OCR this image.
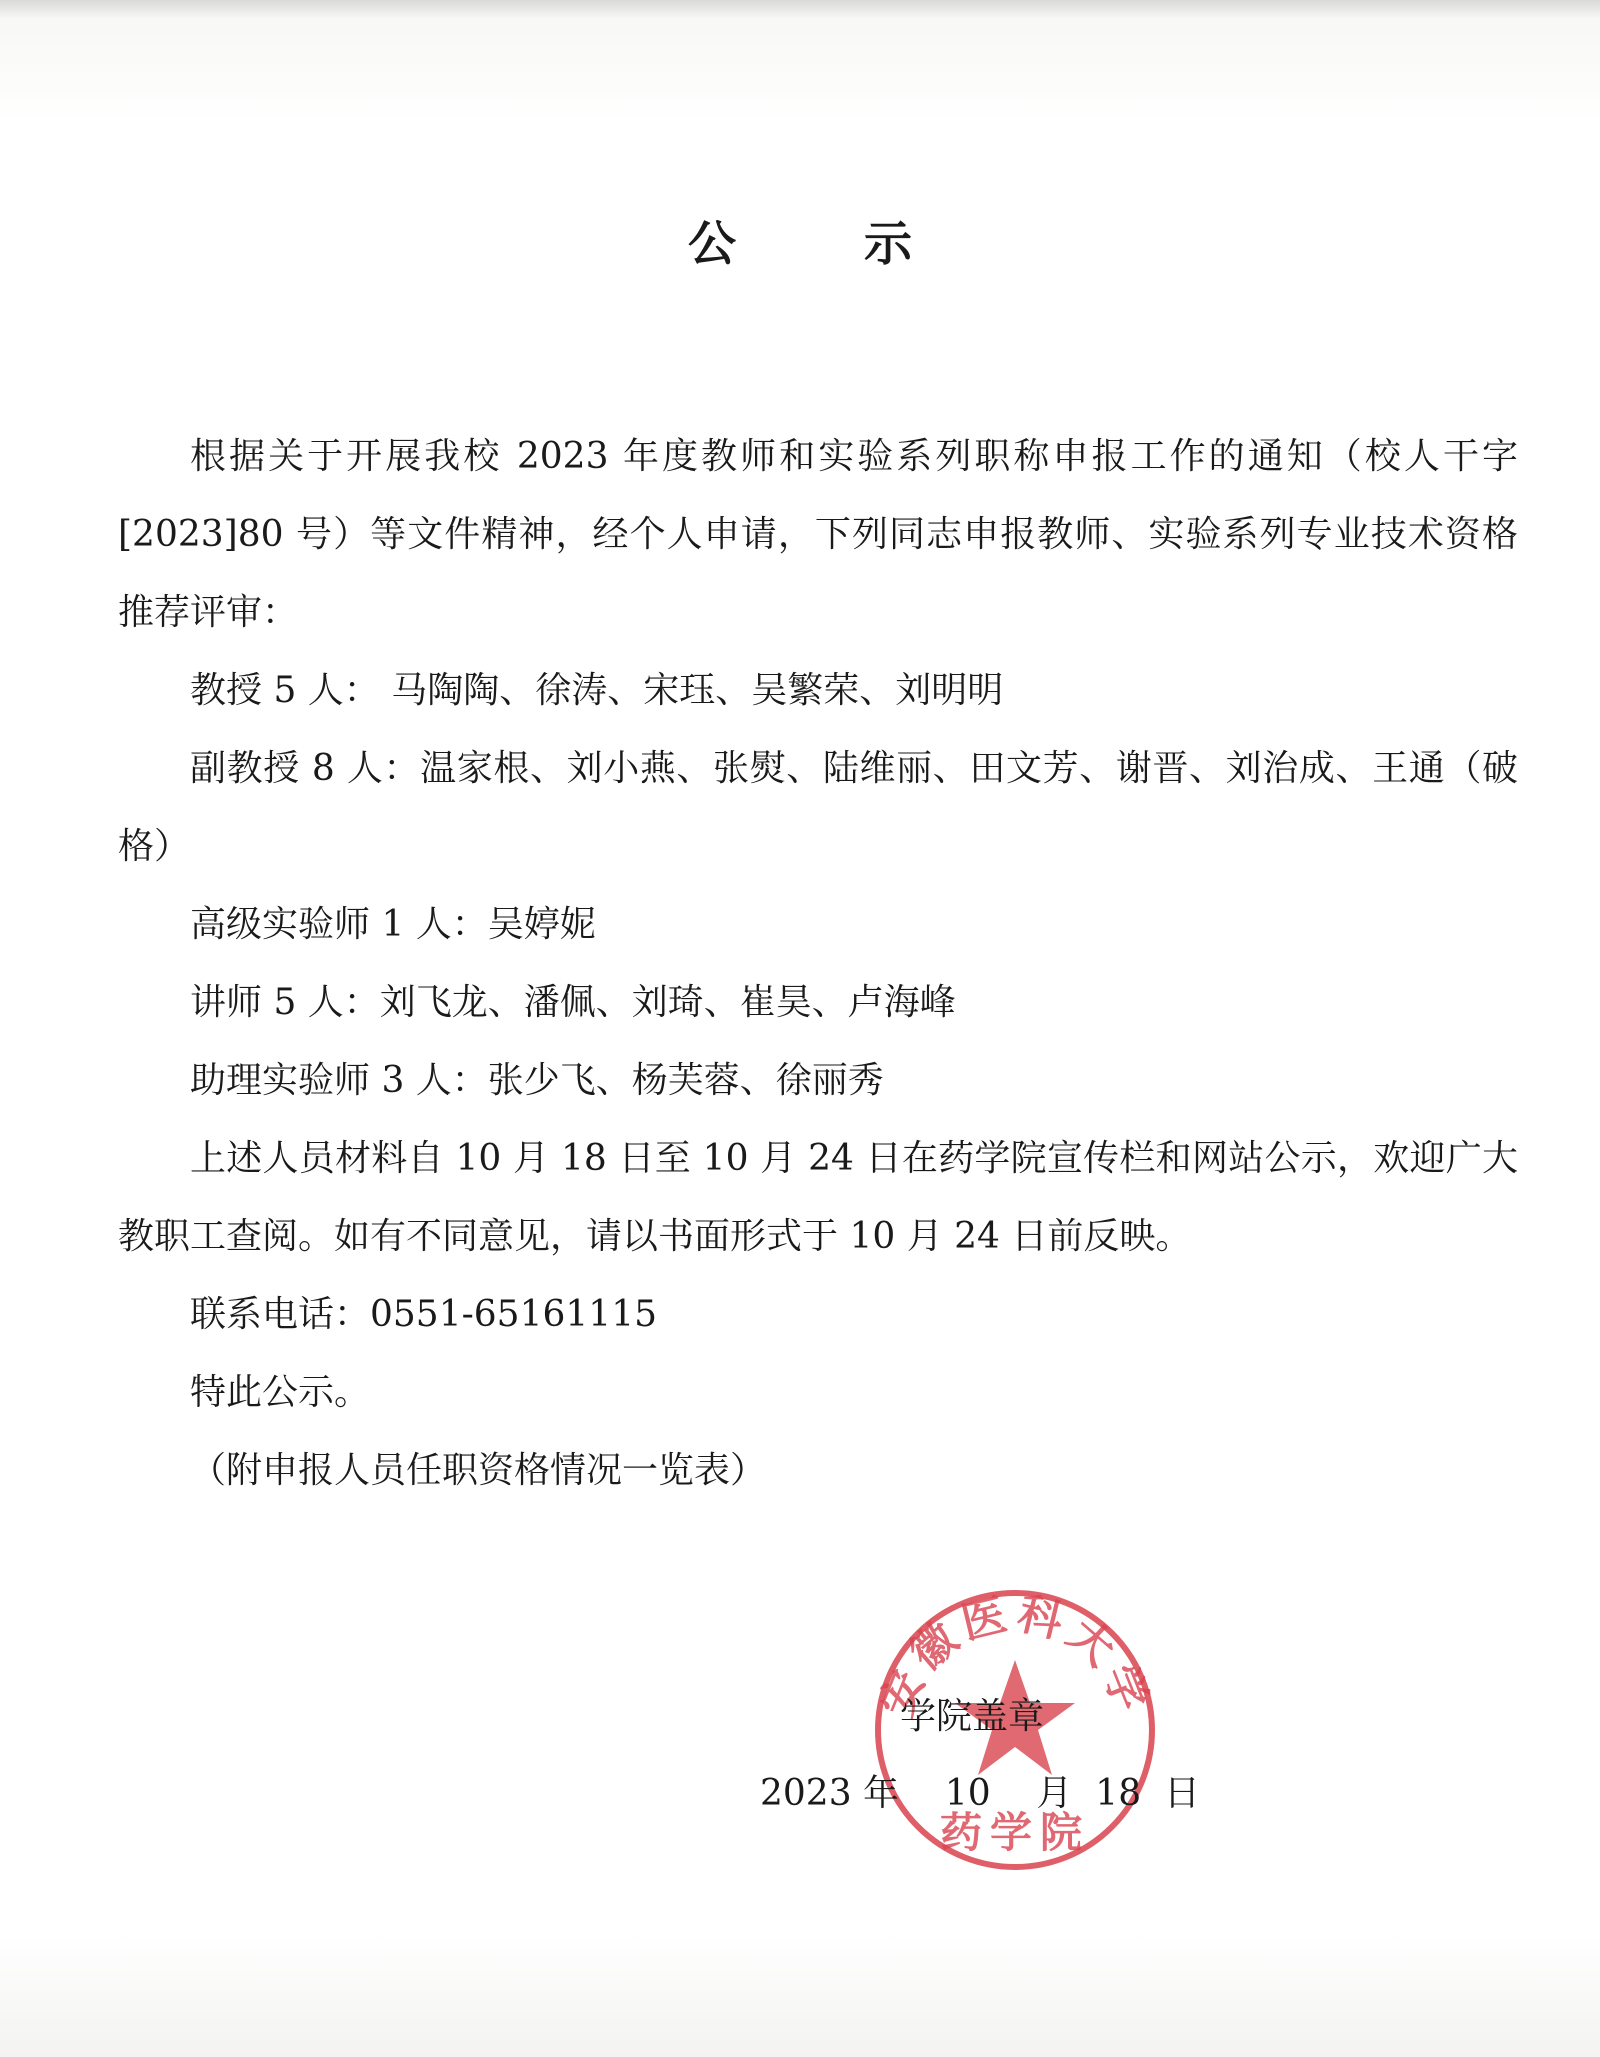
公　示

根据关于开展我校 2023 年度教师和实验系列职称申报工作的通知（校人干字[2023]80 号）等文件精神，经个人申请，下列同志申报教师、实验系列专业技术资格推荐评审：

教授 5 人： 马陶陶、徐涛、宋珏、吴繁荣、刘明明

副教授 8 人：温家根、刘小燕、张熨、陆维丽、田文芳、谢晋、刘治成、王通（破格）

高级实验师 1 人：吴婷妮

讲师 5 人：刘飞龙、潘佩、刘琦、崔昊、卢海峰

助理实验师 3 人：张少飞、杨芙蓉、徐丽秀

上述人员材料自 10 月 18 日至 10 月 24 日在药学院宣传栏和网站公示，欢迎广大教职工查阅。如有不同意见，请以书面形式于 10 月 24 日前反映。

联系电话：0551-65161115

特此公示。

（附申报人员任职资格情况一览表）

安徽医科大学
药学院
学院盖章
2023 年    10    月  18  日
